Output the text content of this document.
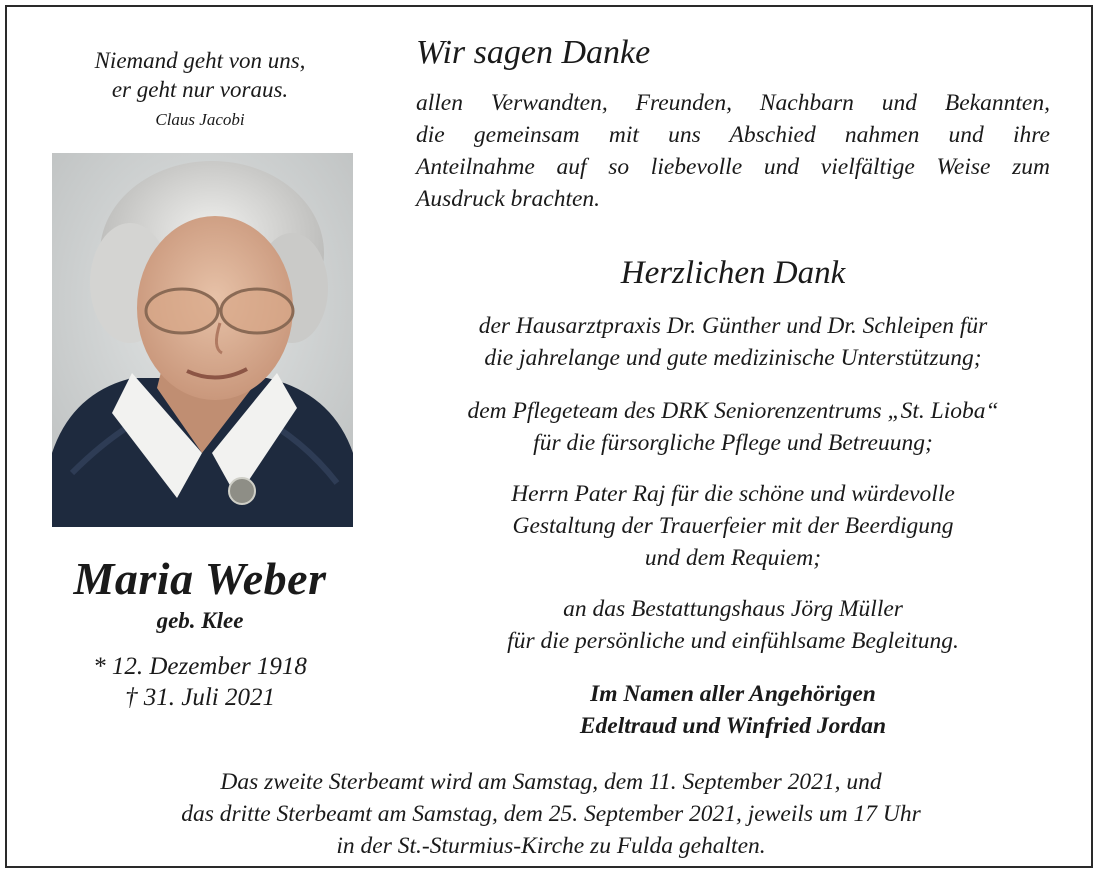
Niemand geht von uns,
er geht nur voraus.
Claus Jacobi
Maria Weber
geb. Klee
* 12. Dezember 1918
† 31. Juli 2021
Wir sagen Danke
allen Verwandten, Freunden, Nachbarn und Bekannten,
die gemeinsam mit uns Abschied nahmen und ihre
Anteilnahme auf so liebevolle und vielfältige Weise zum
Ausdruck brachten.
Herzlichen Dank
der Hausarztpraxis Dr. Günther und Dr. Schleipen für
die jahrelange und gute medizinische Unterstützung;
dem Pflegeteam des DRK Seniorenzentrums „St. Lioba“
für die fürsorgliche Pflege und Betreuung;
Herrn Pater Raj für die schöne und würdevolle
Gestaltung der Trauerfeier mit der Beerdigung
und dem Requiem;
an das Bestattungshaus Jörg Müller
für die persönliche und einfühlsame Begleitung.
Im Namen aller Angehörigen
Edeltraud und Winfried Jordan
Das zweite Sterbeamt wird am Samstag, dem 11. September 2021, und
das dritte Sterbeamt am Samstag, dem 25. September 2021, jeweils um 17 Uhr
in der St.-Sturmius-Kirche zu Fulda gehalten.
